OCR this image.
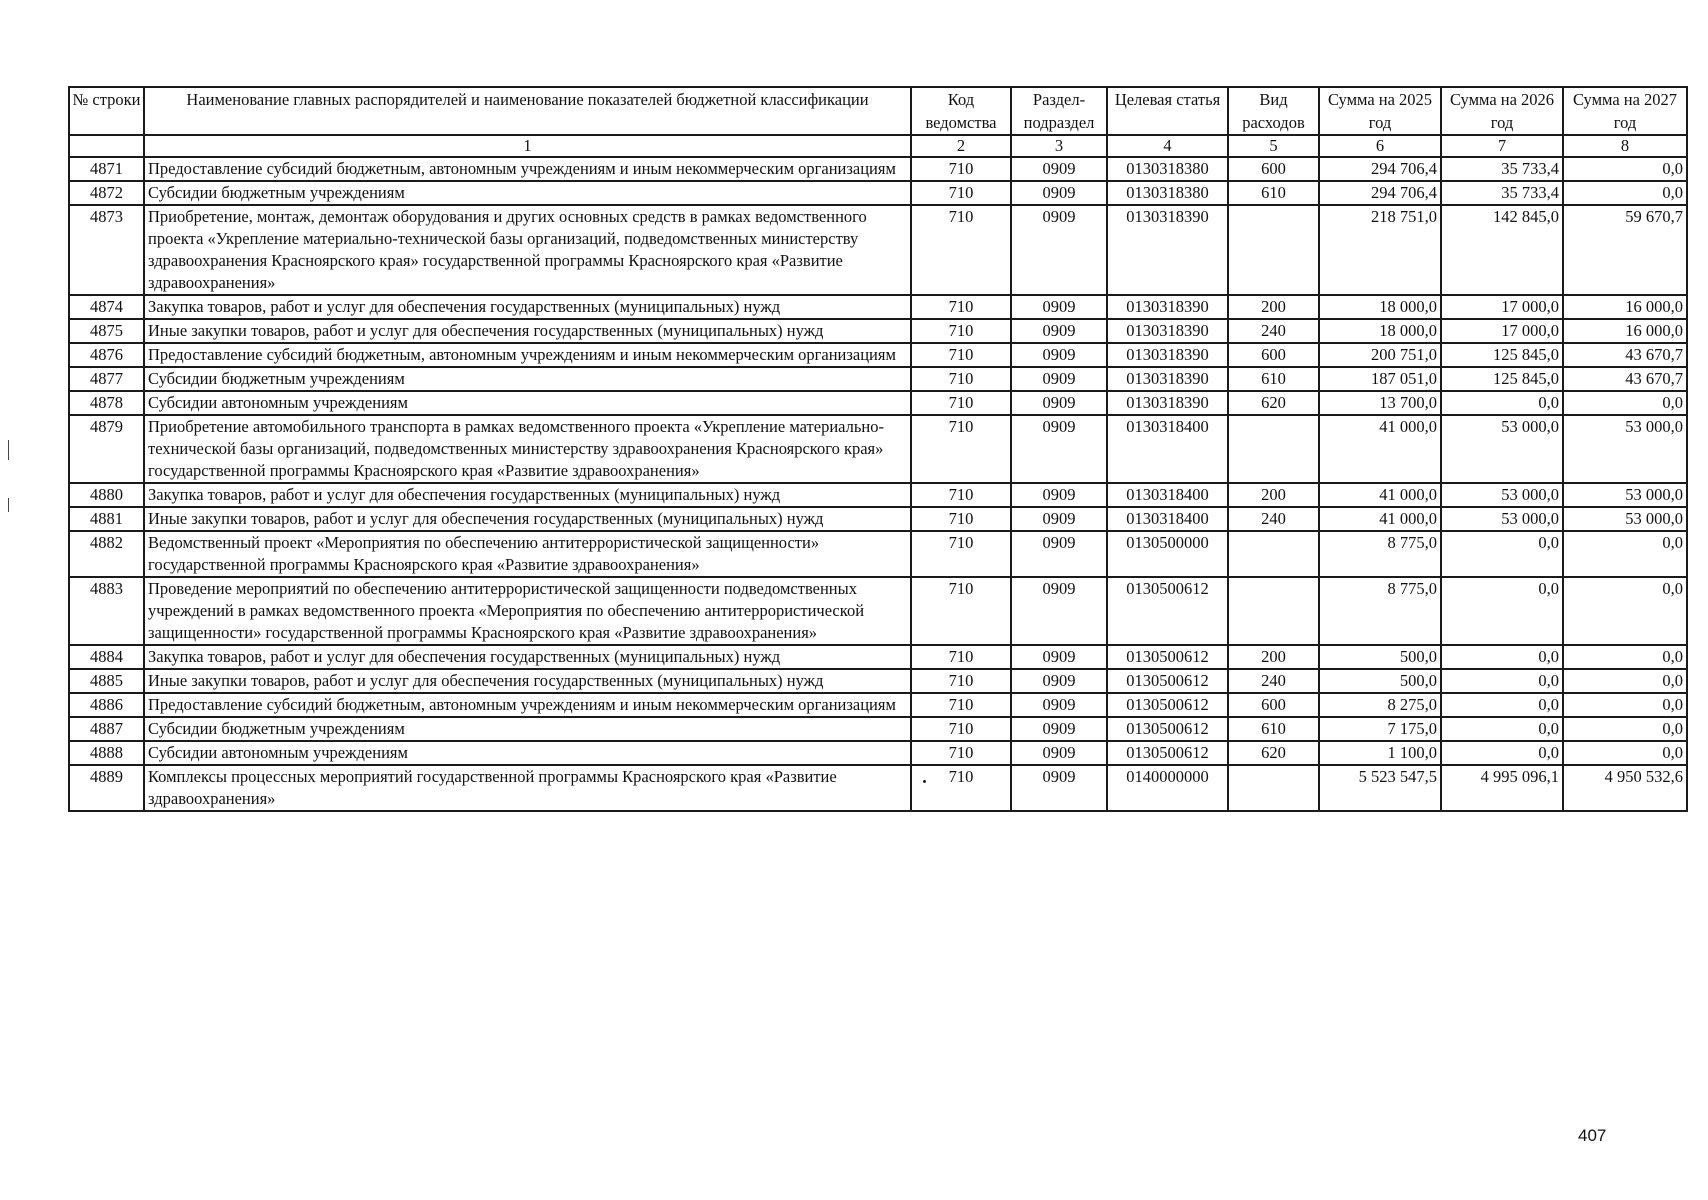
№ строки	Наименование главных распорядителей и наименование показателей бюджетной классификации	Код ведомства	Раздел-подраздел	Целевая статья	Вид расходов	Сумма на 2025 год	Сумма на 2026 год	Сумма на 2027 год
	1	2	3	4	5	6	7	8
4871	Предоставление субсидий бюджетным, автономным учреждениям и иным некоммерческим организациям	710	0909	0130318380	600	294 706,4	35 733,4	0,0
4872	Субсидии бюджетным учреждениям	710	0909	0130318380	610	294 706,4	35 733,4	0,0
4873	Приобретение, монтаж, демонтаж оборудования и других основных средств в рамках ведомственного проекта «Укрепление материально-технической базы организаций, подведомственных министерству здравоохранения Красноярского края» государственной программы Красноярского края «Развитие здравоохранения»	710	0909	0130318390		218 751,0	142 845,0	59 670,7
4874	Закупка товаров, работ и услуг для обеспечения государственных (муниципальных) нужд	710	0909	0130318390	200	18 000,0	17 000,0	16 000,0
4875	Иные закупки товаров, работ и услуг для обеспечения государственных (муниципальных) нужд	710	0909	0130318390	240	18 000,0	17 000,0	16 000,0
4876	Предоставление субсидий бюджетным, автономным учреждениям и иным некоммерческим организациям	710	0909	0130318390	600	200 751,0	125 845,0	43 670,7
4877	Субсидии бюджетным учреждениям	710	0909	0130318390	610	187 051,0	125 845,0	43 670,7
4878	Субсидии автономным учреждениям	710	0909	0130318390	620	13 700,0	0,0	0,0
4879	Приобретение автомобильного транспорта в рамках ведомственного проекта «Укрепление материально-технической базы организаций, подведомственных министерству здравоохранения Красноярского края» государственной программы Красноярского края «Развитие здравоохранения»	710	0909	0130318400		41 000,0	53 000,0	53 000,0
4880	Закупка товаров, работ и услуг для обеспечения государственных (муниципальных) нужд	710	0909	0130318400	200	41 000,0	53 000,0	53 000,0
4881	Иные закупки товаров, работ и услуг для обеспечения государственных (муниципальных) нужд	710	0909	0130318400	240	41 000,0	53 000,0	53 000,0
4882	Ведомственный проект «Мероприятия по обеспечению антитеррористической защищенности» государственной программы Красноярского края «Развитие здравоохранения»	710	0909	0130500000		8 775,0	0,0	0,0
4883	Проведение мероприятий по обеспечению антитеррористической защищенности подведомственных учреждений в рамках ведомственного проекта «Мероприятия по обеспечению антитеррористической защищенности» государственной программы Красноярского края «Развитие здравоохранения»	710	0909	0130500612		8 775,0	0,0	0,0
4884	Закупка товаров, работ и услуг для обеспечения государственных (муниципальных) нужд	710	0909	0130500612	200	500,0	0,0	0,0
4885	Иные закупки товаров, работ и услуг для обеспечения государственных (муниципальных) нужд	710	0909	0130500612	240	500,0	0,0	0,0
4886	Предоставление субсидий бюджетным, автономным учреждениям и иным некоммерческим организациям	710	0909	0130500612	600	8 275,0	0,0	0,0
4887	Субсидии бюджетным учреждениям	710	0909	0130500612	610	7 175,0	0,0	0,0
4888	Субсидии автономным учреждениям	710	0909	0130500612	620	1 100,0	0,0	0,0
4889	Комплексы процессных мероприятий государственной программы Красноярского края «Развитие здравоохранения»	710	0909	0140000000		5 523 547,5	4 995 096,1	4 950 532,6
407
